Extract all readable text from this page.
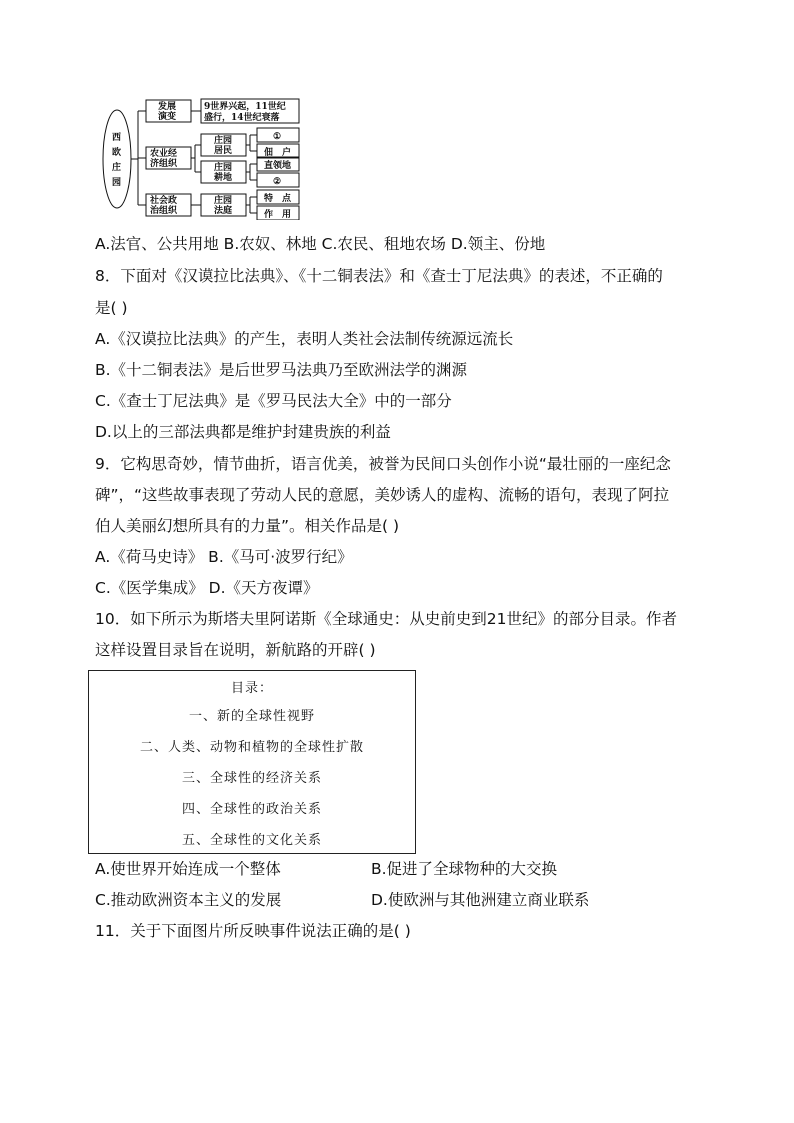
西
欧
庄
园
发展
演变
农业经
济组织
社会政
治组织
9世界兴起，11世纪
盛行，14世纪衰落
庄园
居民
庄园
耕地
庄园
法庭
①
佃　户
直领地
②
特　点
作　用
A.法官、公共用地 B.农奴、林地 C.农民、租地农场 D.领主、份地
8．下面对《汉谟拉比法典》、《十二铜表法》和《查士丁尼法典》的表述，不正确的
是( )
A.《汉谟拉比法典》的产生，表明人类社会法制传统源远流长
B.《十二铜表法》是后世罗马法典乃至欧洲法学的渊源
C.《查士丁尼法典》是《罗马民法大全》中的一部分
D.以上的三部法典都是维护封建贵族的利益
9．它构思奇妙，情节曲折，语言优美，被誉为民间口头创作小说“最壮丽的一座纪念
碑”，“这些故事表现了劳动人民的意愿，美妙诱人的虚构、流畅的语句，表现了阿拉
伯人美丽幻想所具有的力量”。相关作品是( )
A.《荷马史诗》 B.《马可·波罗行纪》
C.《医学集成》 D.《天方夜谭》
10．如下所示为斯塔夫里阿诺斯《全球通史：从史前史到21世纪》的部分目录。作者
这样设置目录旨在说明，新航路的开辟( )
目录：
一、新的全球性视野
二、人类、动物和植物的全球性扩散
三、全球性的经济关系
四、全球性的政治关系
五、全球性的文化关系
A.使世界开始连成一个整体	B.促进了全球物种的大交换
C.推动欧洲资本主义的发展	D.使欧洲与其他洲建立商业联系
11．关于下面图片所反映事件说法正确的是( )
